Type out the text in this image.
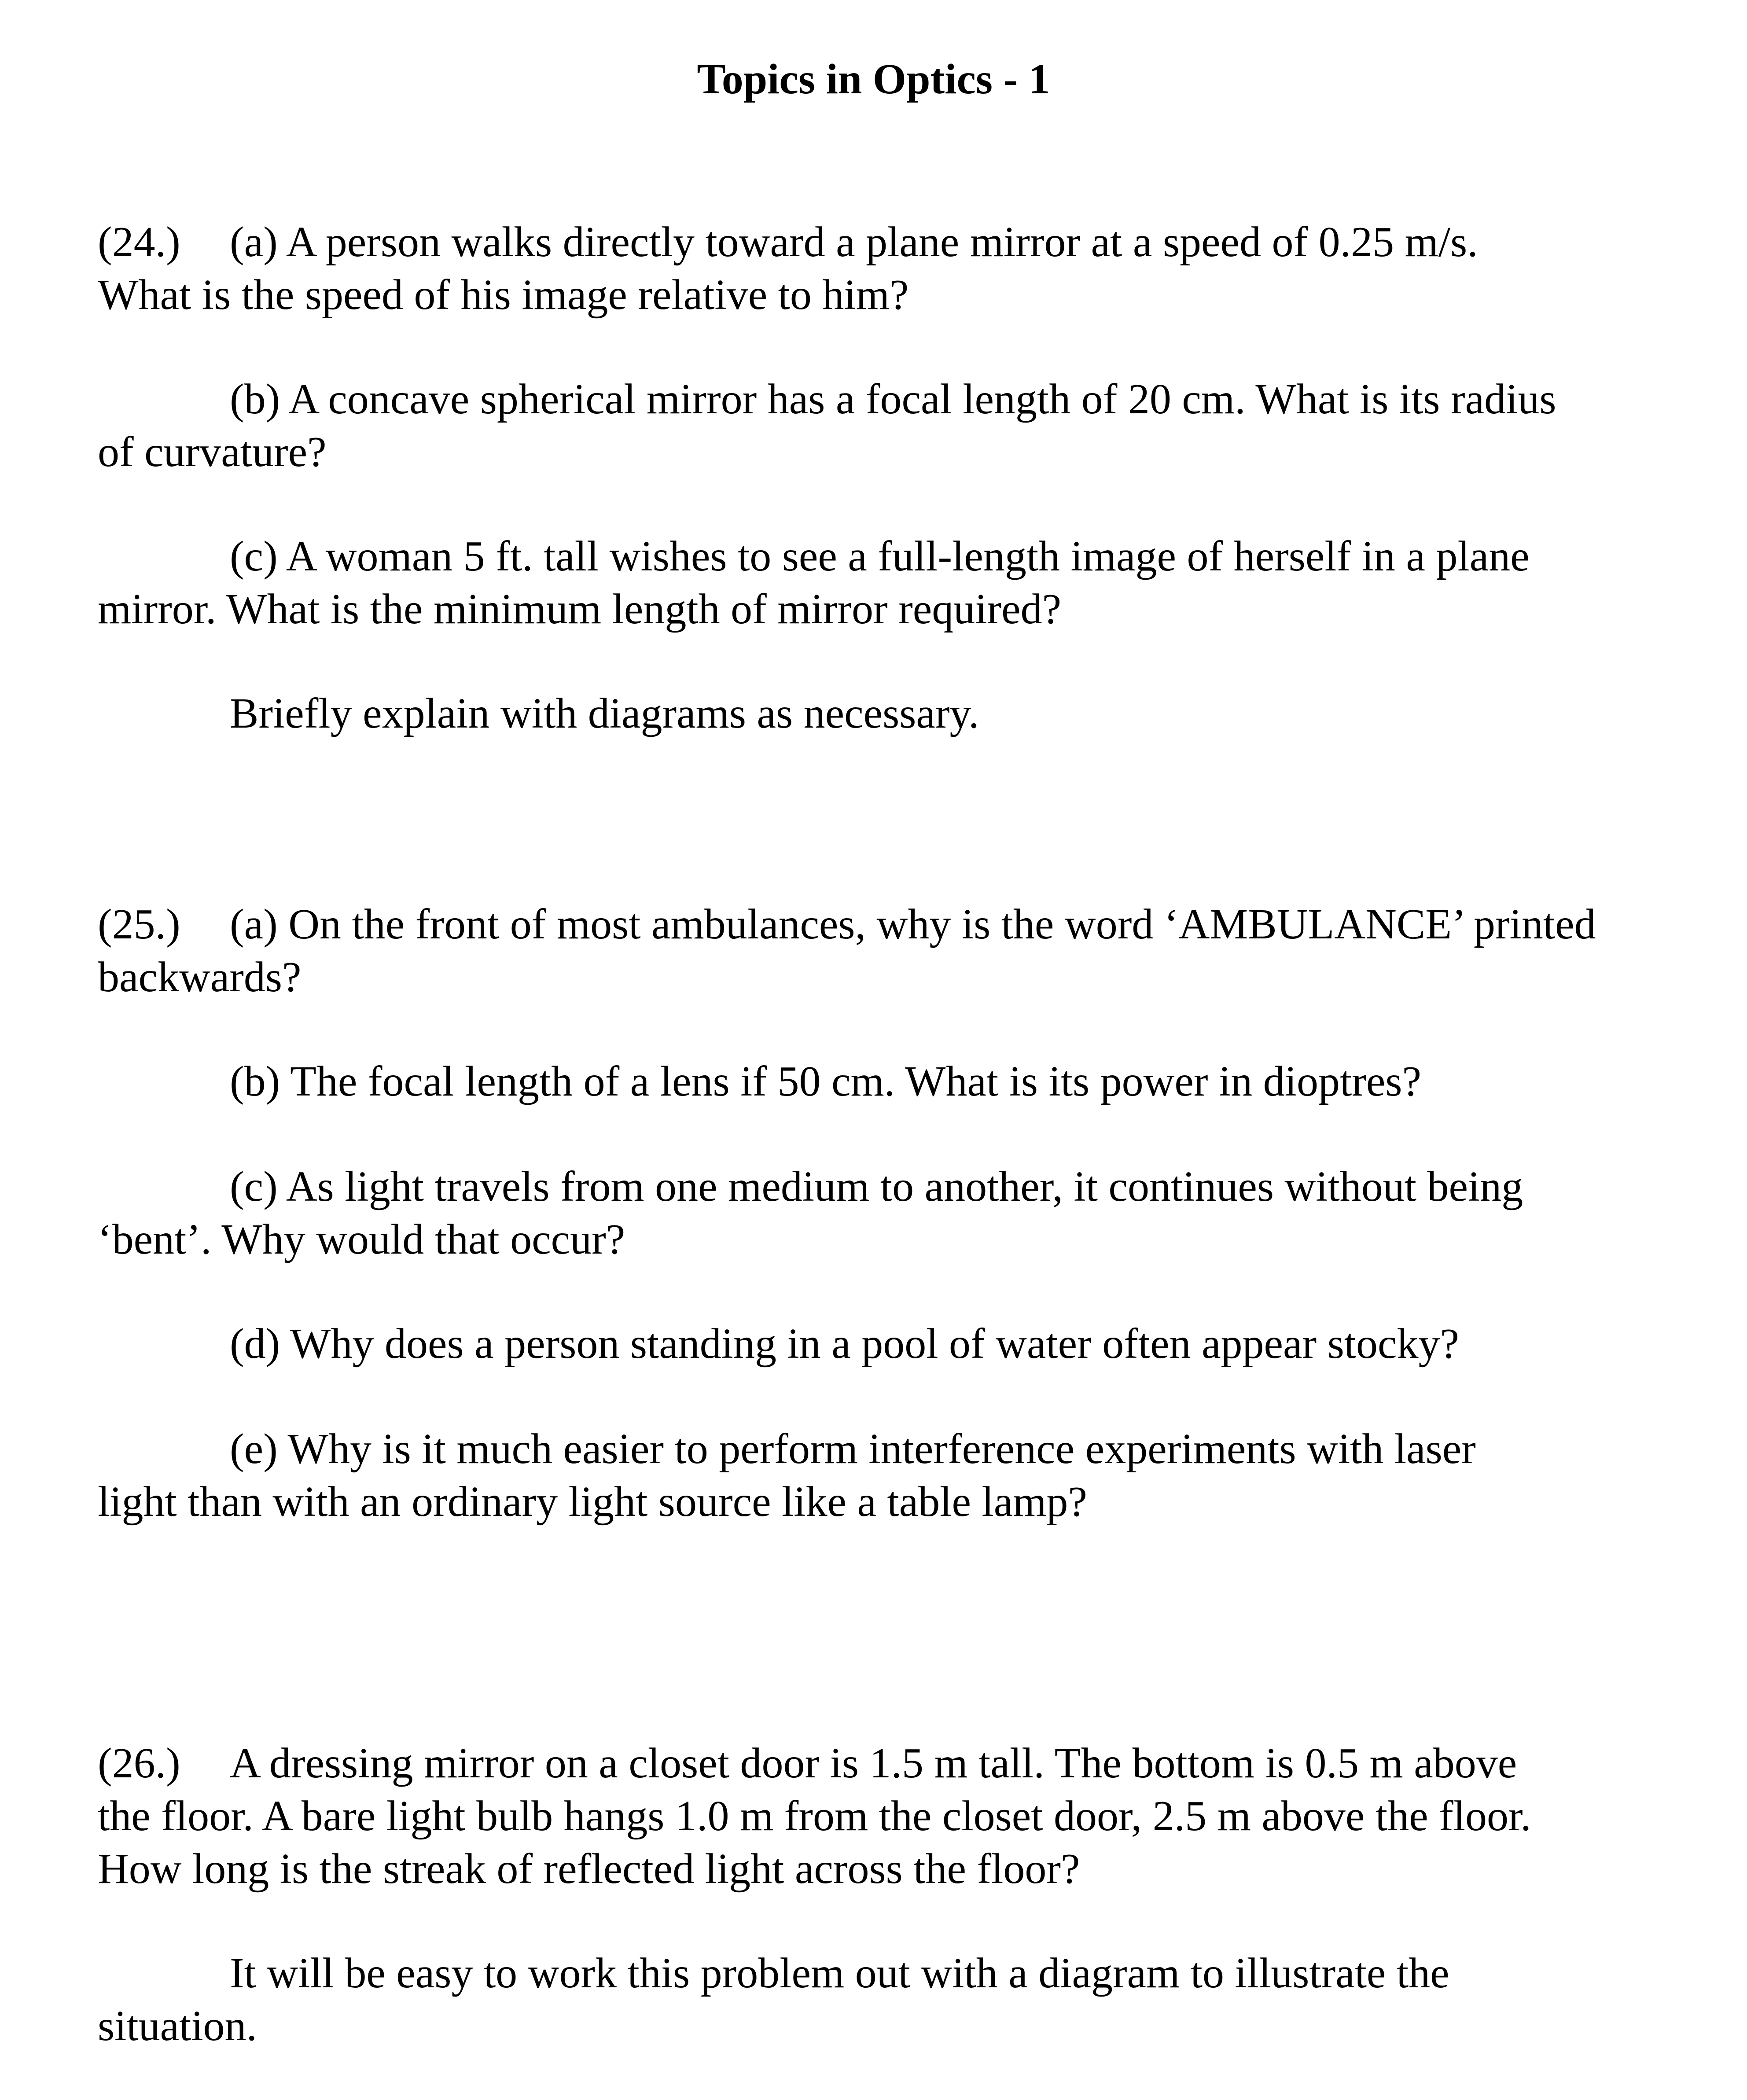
Topics in Optics - 1
(24.) (a) A person walks directly toward a plane mirror at a speed of 0.25 m/s.
What is the speed of his image relative to him?
(b) A concave spherical mirror has a focal length of 20 cm. What is its radius
of curvature?
(c) A woman 5 ft. tall wishes to see a full-length image of herself in a plane
mirror. What is the minimum length of mirror required?
Briefly explain with diagrams as necessary.
(25.) (a) On the front of most ambulances, why is the word ‘AMBULANCE’ printed
backwards?
(b) The focal length of a lens if 50 cm. What is its power in dioptres?
(c) As light travels from one medium to another, it continues without being
‘bent’. Why would that occur?
(d) Why does a person standing in a pool of water often appear stocky?
(e) Why is it much easier to perform interference experiments with laser
light than with an ordinary light source like a table lamp?
(26.) A dressing mirror on a closet door is 1.5 m tall. The bottom is 0.5 m above
the floor. A bare light bulb hangs 1.0 m from the closet door, 2.5 m above the floor.
How long is the streak of reflected light across the floor?
It will be easy to work this problem out with a diagram to illustrate the
situation.
